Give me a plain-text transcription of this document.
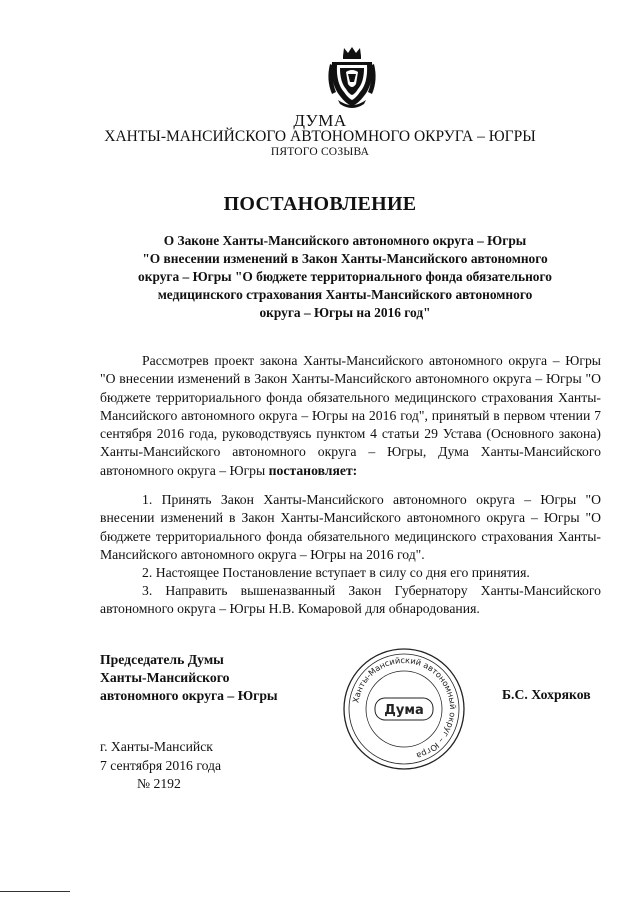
ДУМА

ХАНТЫ-МАНСИЙСКОГО АВТОНОМНОГО ОКРУГА – ЮГРЫ

ПЯТОГО СОЗЫВА

ПОСТАНОВЛЕНИЕ

О Законе Ханты-Мансийского автономного округа – Югры
"О внесении изменений в Закон Ханты-Мансийского автономного
округа – Югры "О бюджете территориального фонда обязательного
медицинского страхования Ханты-Мансийского автономного
округа – Югры на 2016 год"

Рассмотрев проект закона Ханты-Мансийского автономного округа – Югры "О внесении изменений в Закон Ханты-Мансийского автономного округа – Югры "О бюджете территориального фонда обязательного медицинского страхования Ханты-Мансийского автономного округа – Югры на 2016 год", принятый в первом чтении 7 сентября 2016 года, руководствуясь пунктом 4 статьи 29 Устава (Основного закона) Ханты-Мансийского автономного округа – Югры, Дума Ханты-Мансийского автономного округа – Югры постановляет:

1. Принять Закон Ханты-Мансийского автономного округа – Югры "О внесении изменений в Закон Ханты-Мансийского автономного округа – Югры "О бюджете территориального фонда обязательного медицинского страхования Ханты-Мансийского автономного округа – Югры на 2016 год".

2. Настоящее Постановление вступает в силу со дня его принятия.

3. Направить вышеназванный Закон Губернатору Ханты-Мансийского автономного округа – Югры Н.В. Комаровой для обнародования.

Председатель Думы
Ханты-Мансийского
автономного округа – Югры	Ханты-Мансийский автономный округ – Югра
Дума

Б.С. Хохряков

г. Ханты-Мансийск
7 сентября 2016 года
№ 2192
